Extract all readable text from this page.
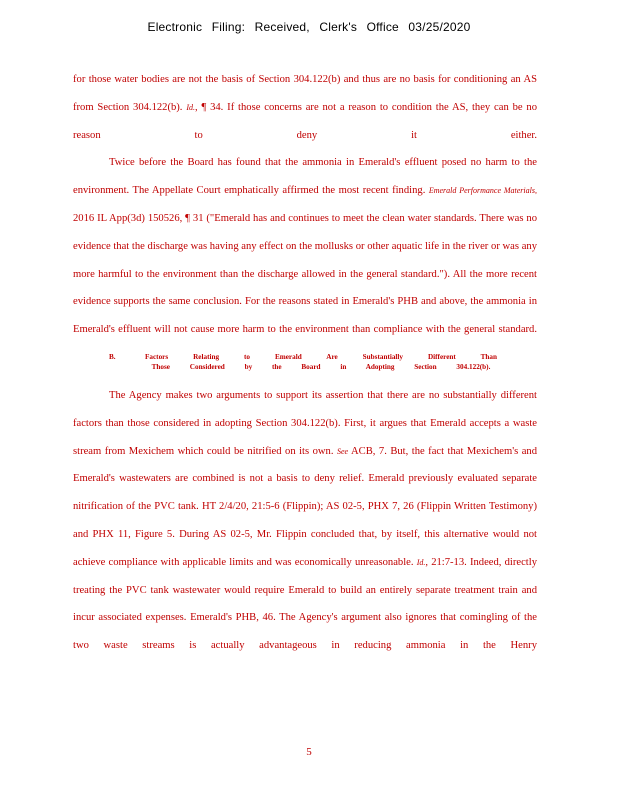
Electronic Filing: Received, Clerk's Office 03/25/2020

for those water bodies are not the basis of Section 304.122(b) and thus are no basis for conditioning an AS from Section 304.122(b). Id., ¶ 34. If those concerns are not a reason to condition the AS, they can be no reason to deny it either.

Twice before the Board has found that the ammonia in Emerald's effluent posed no harm to the environment. The Appellate Court emphatically affirmed the most recent finding. Emerald Performance Materials, 2016 IL App(3d) 150526, ¶ 31 ("Emerald has and continues to meet the clean water standards. There was no evidence that the discharge was having any effect on the mollusks or other aquatic life in the river or was any more harmful to the environment than the discharge allowed in the general standard."). All the more recent evidence supports the same conclusion. For the reasons stated in Emerald's PHB and above, the ammonia in Emerald's effluent will not cause more harm to the environment than compliance with the general standard.

B.	Factors Relating to Emerald Are Substantially Different Than Those Considered by the Board in Adopting Section 304.122(b).

The Agency makes two arguments to support its assertion that there are no substantially different factors than those considered in adopting Section 304.122(b). First, it argues that Emerald accepts a waste stream from Mexichem which could be nitrified on its own. See ACB, 7. But, the fact that Mexichem's and Emerald's wastewaters are combined is not a basis to deny relief. Emerald previously evaluated separate nitrification of the PVC tank. HT 2/4/20, 21:5-6 (Flippin); AS 02-5, PHX 7, 26 (Flippin Written Testimony) and PHX 11, Figure 5. During AS 02-5, Mr. Flippin concluded that, by itself, this alternative would not achieve compliance with applicable limits and was economically unreasonable. Id., 21:7-13. Indeed, directly treating the PVC tank wastewater would require Emerald to build an entirely separate treatment train and incur associated expenses. Emerald's PHB, 46. The Agency's argument also ignores that comingling of the two waste streams is actually advantageous in reducing ammonia in the Henry

5
